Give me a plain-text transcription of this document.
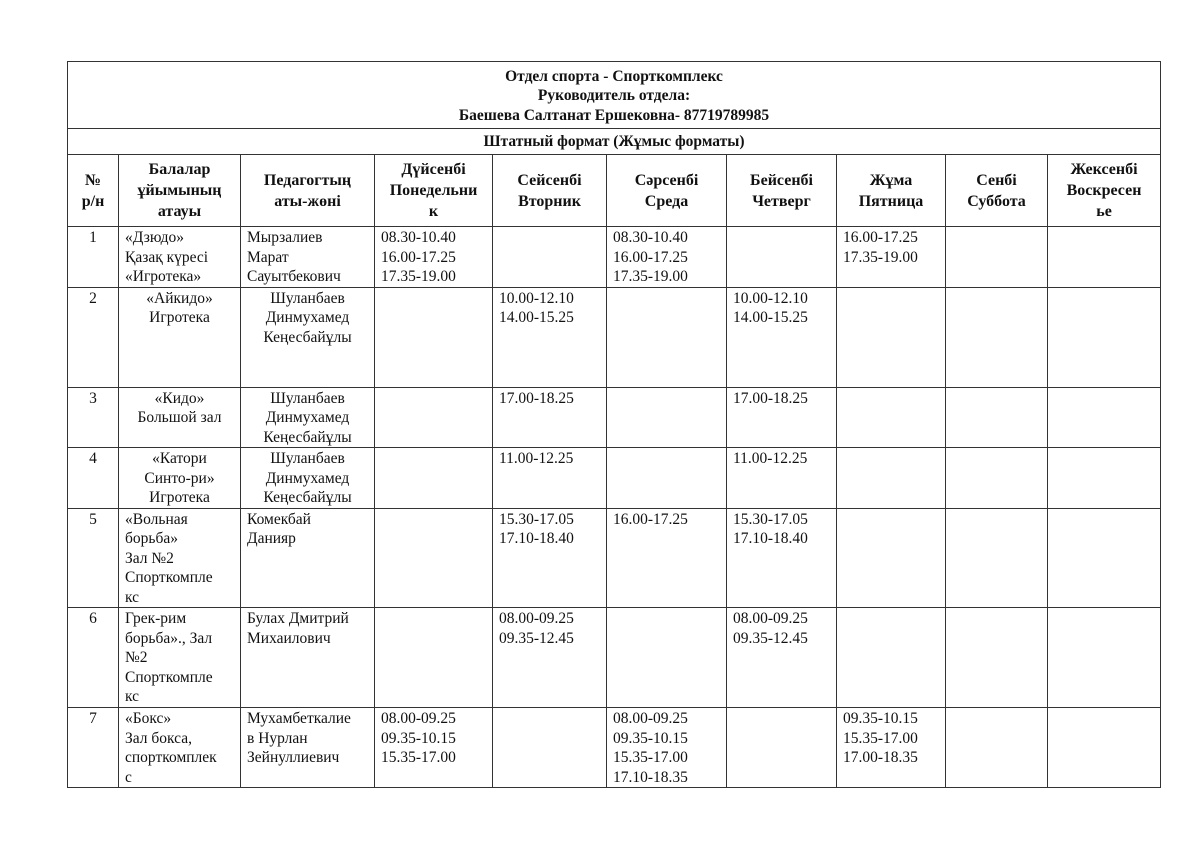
Отдел спорта - Спорткомплекс
Руководитель отдела:
Баешева Салтанат Ершековна- 87719789985									

Штатный формат (Жұмыс форматы)									

№
р/н	Балалар
ұйымының
атауы	Педагогтың
аты-жөні	Дүйсенбі
Понедельни
к	Сейсенбі
Вторник	Сәрсенбі
Среда	Бейсенбі
Четверг	Жұма
Пятница	Сенбі
Суббота	Жексенбі
Воскресен
ье

1	«Дзюдо»
Қазақ күресі
«Игротека»	Мырзалиев
Марат
Сауытбекович	08.30-10.40
16.00-17.25
17.35-19.00		08.30-10.40
16.00-17.25
17.35-19.00		16.00-17.25
17.35-19.00		

2	«Айкидо»
Игротека	Шуланбаев
Динмухамед
Кеңесбайұлы		10.00-12.10
14.00-15.25		10.00-12.10
14.00-15.25			

3	«Кидо»
Большой зал	Шуланбаев
Динмухамед
Кеңесбайұлы		17.00-18.25		17.00-18.25			

4	«Катори
Синто-ри»
Игротека	Шуланбаев
Динмухамед
Кеңесбайұлы		11.00-12.25		11.00-12.25			

5	«Вольная
борьба»
Зал №2
Спорткомпле
кс	Комекбай
Данияр		15.30-17.05
17.10-18.40	16.00-17.25	15.30-17.05
17.10-18.40			

6	Грек-рим
борьба»., Зал
№2
Спорткомпле
кс	Булах Дмитрий
Михаилович		08.00-09.25
09.35-12.45		08.00-09.25
09.35-12.45			

7	«Бокс»
Зал бокса,
спорткомплек
с	Мухамбеткалие
в Нурлан
Зейнуллиевич	08.00-09.25
09.35-10.15
15.35-17.00		08.00-09.25
09.35-10.15
15.35-17.00
17.10-18.35		09.35-10.15
15.35-17.00
17.00-18.35		
